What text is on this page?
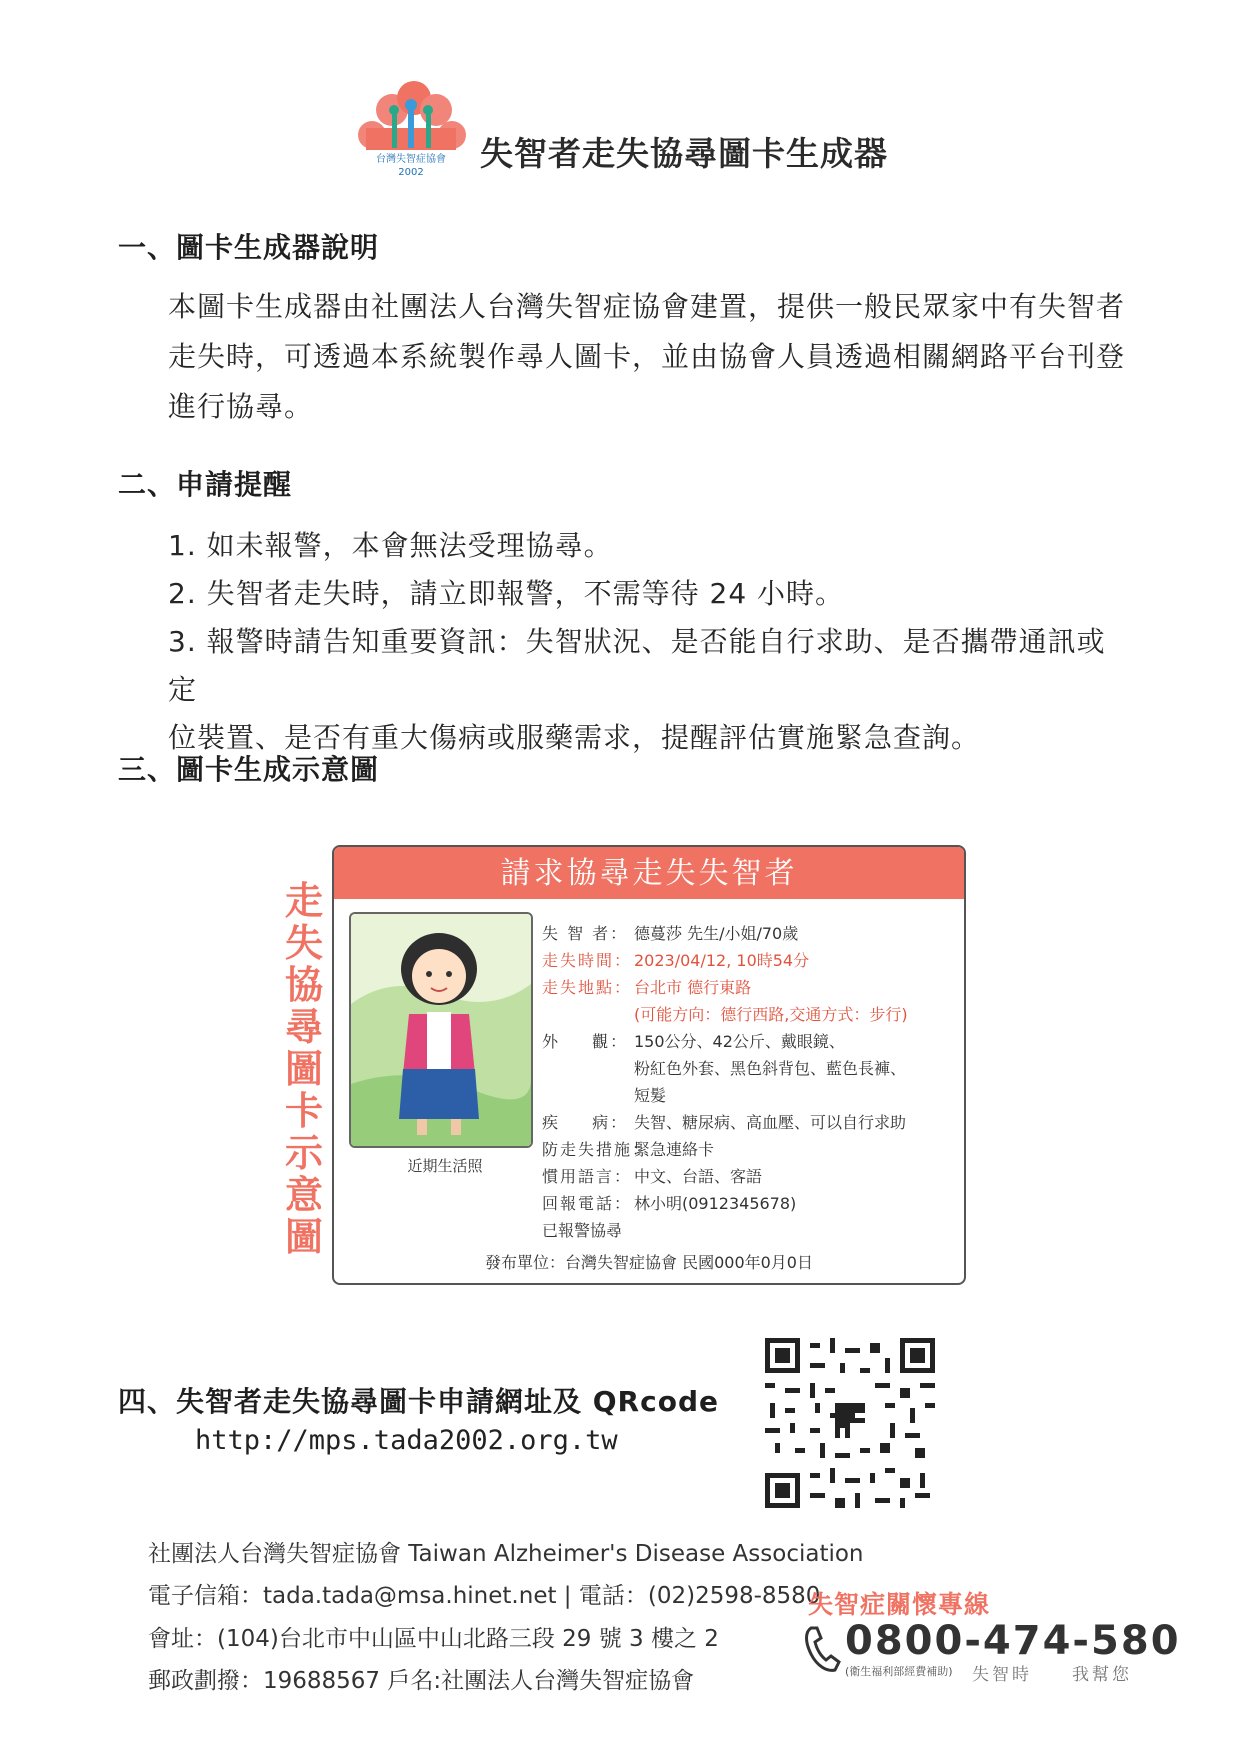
台灣失智症協會
2002 失智者走失協尋圖卡生成器
一、圖卡生成器說明

本圖卡生成器由社團法人台灣失智症協會建置，提供一般民眾家中有失智者

走失時，可透過本系統製作尋人圖卡，並由協會人員透過相關網路平台刊登

進行協尋。

二、申請提醒

1. 如未報警，本會無法受理協尋。

2. 失智者走失時，請立即報警，不需等待 24 小時。

3. 報警時請告知重要資訊：失智狀況、是否能自行求助、是否攜帶通訊或定

位裝置、是否有重大傷病或服藥需求，提醒評估實施緊急查詢。

三、圖卡生成示意圖
走失協尋圖卡示意圖
請求協尋走失失智者
近期生活照
失 智 者： 德蔓莎 先生/小姐/70歲
走失時間： 2023/04/12, 10時54分
走失地點： 台北市 德行東路
(可能方向：德行西路,交通方式：步行)
外 　 觀： 150公分、42公斤、戴眼鏡、
粉紅色外套、黑色斜背包、藍色長褲、
短髮
疾 　 病： 失智、糖尿病、高血壓、可以自行求助
防走失措施：緊急連絡卡
慣用語言： 中文、台語、客語
回報電話： 林小明(0912345678)
已報警協尋
發布單位：台灣失智症協會 民國000年0月0日
四、失智者走失協尋圖卡申請網址及 QRcode
http://mps.tada2002.org.tw
社團法人台灣失智症協會 Taiwan Alzheimer's Disease Association
電子信箱：tada.tada@msa.hinet.net | 電話：(02)2598-8580
會址：(104)台北市中山區中山北路三段 29 號 3 樓之 2
郵政劃撥：19688567 戶名:社團法人台灣失智症協會
失智症關懷專線
0800-474-580
(衛生福利部經費補助) 失智時 我幫您
